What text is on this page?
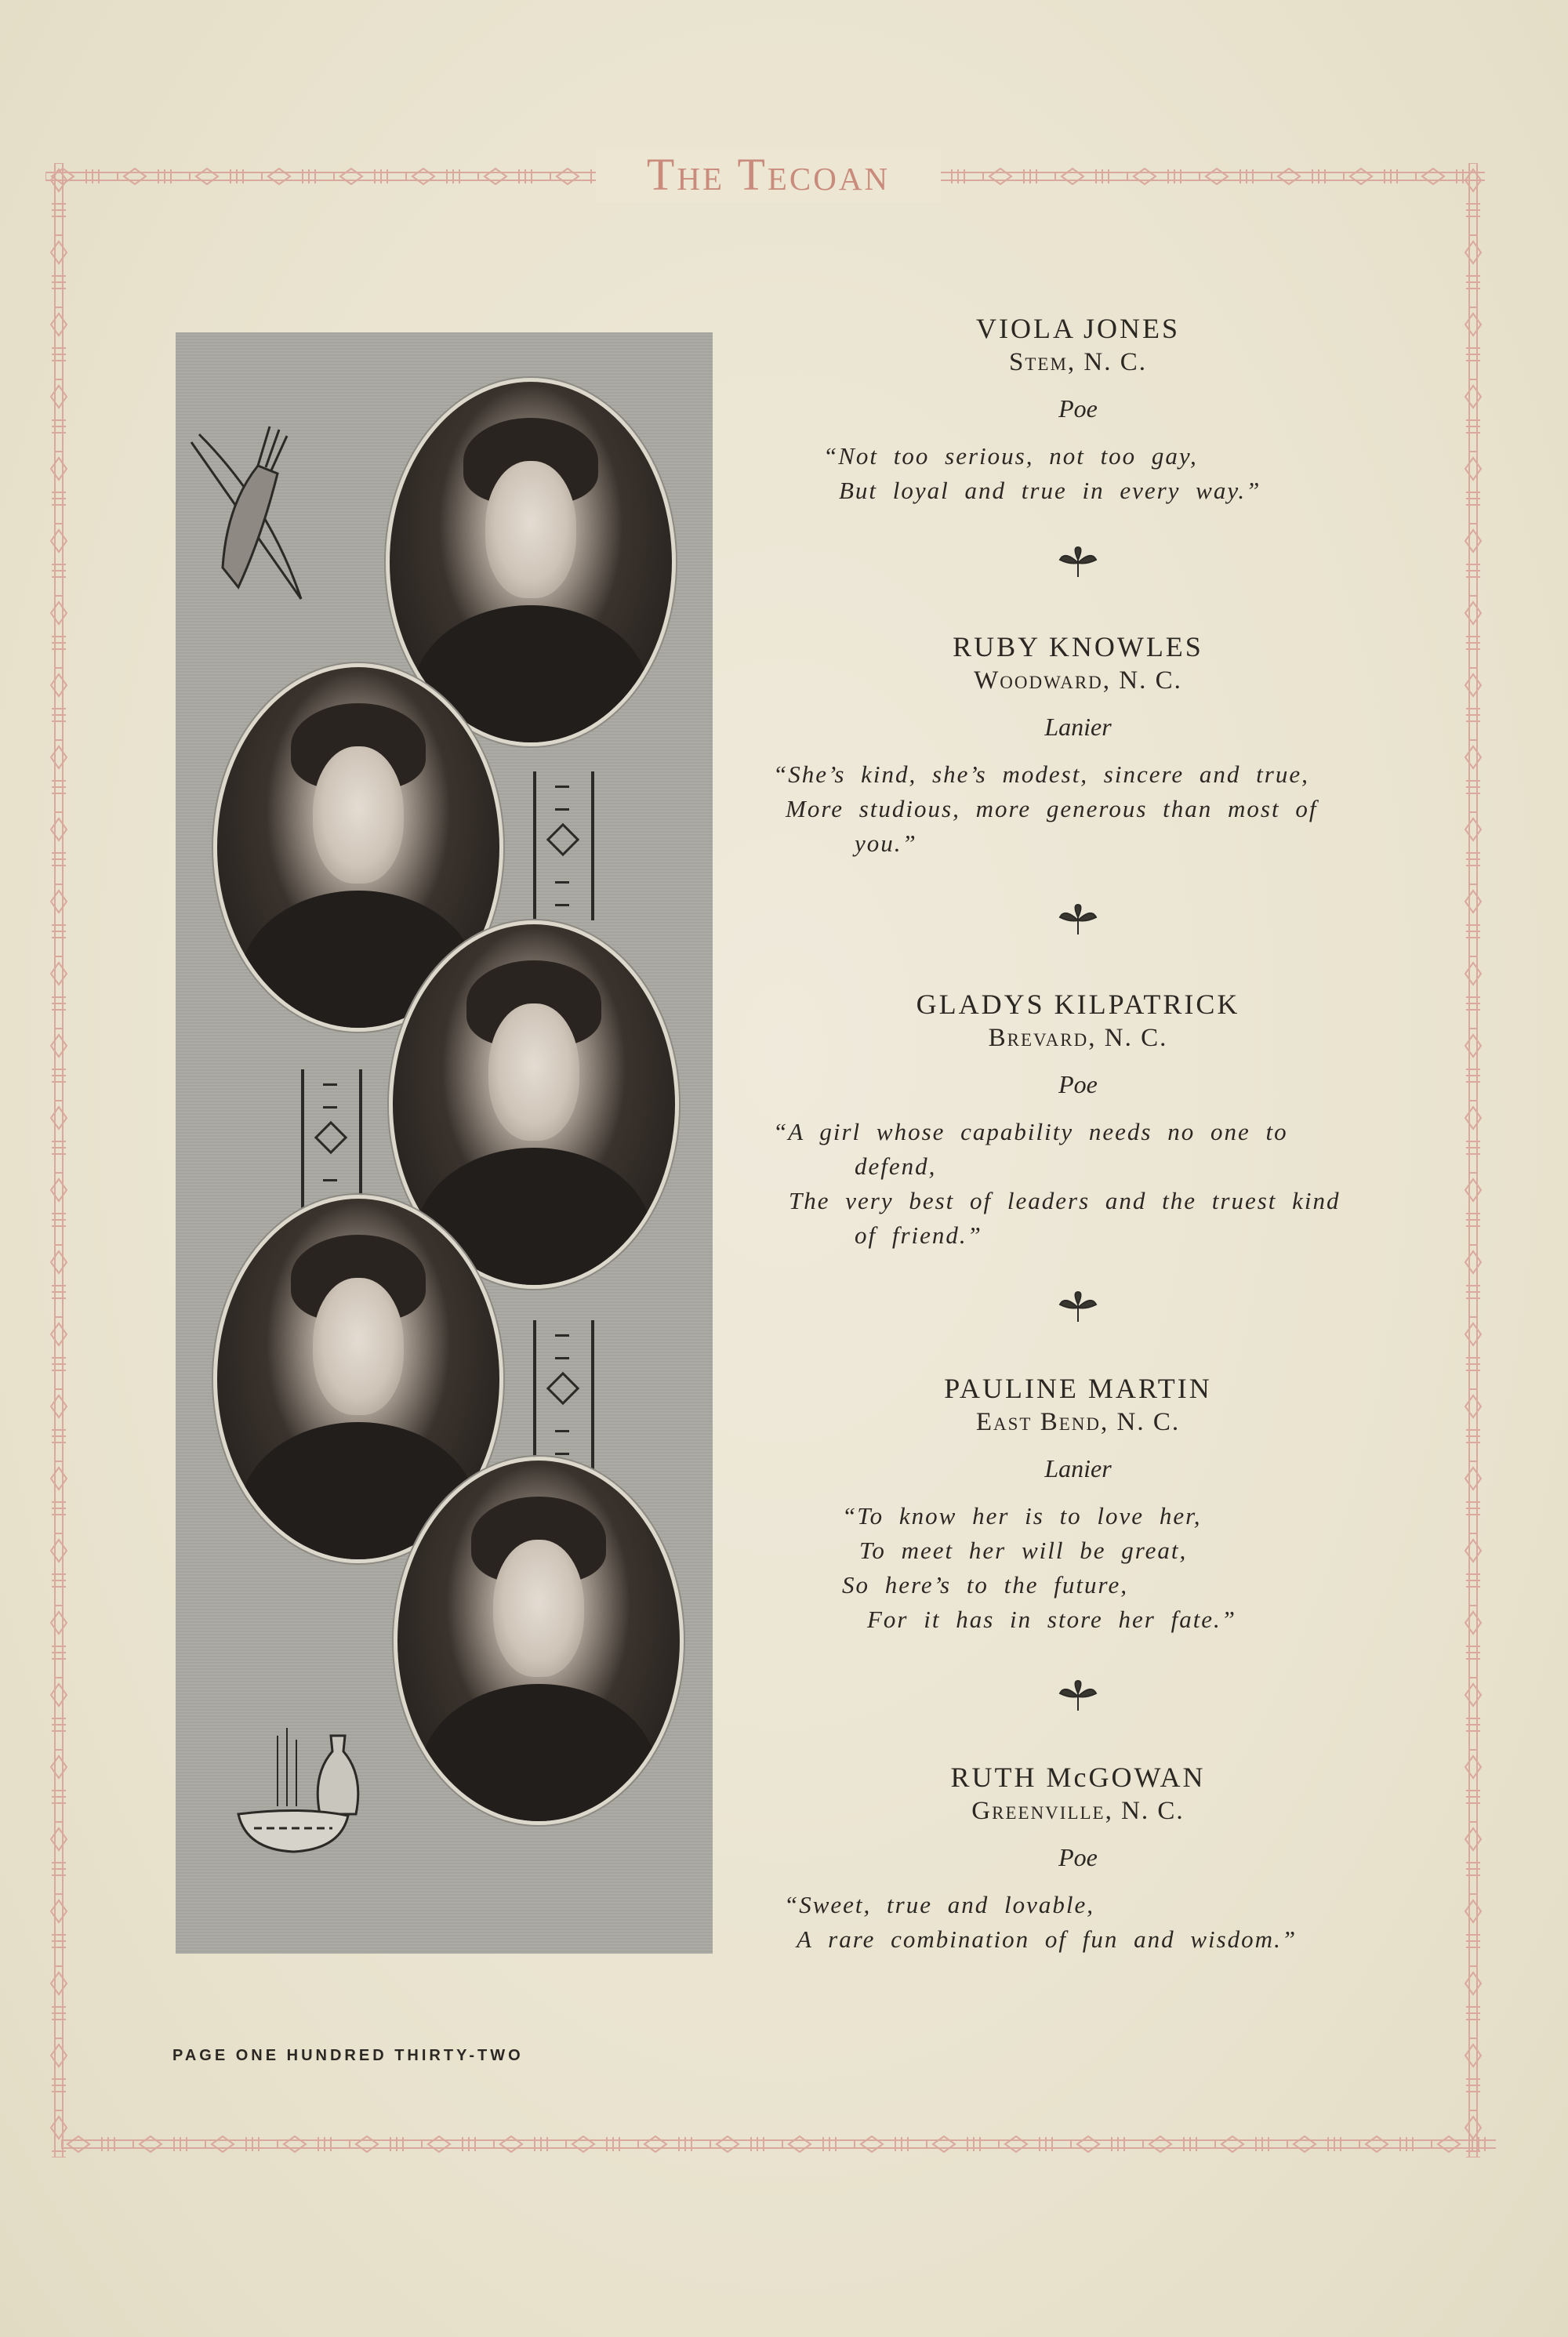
The Tecoan
VIOLA JONES
Stem, N. C.
Poe
“Not too serious, not too gay,
But loyal and true in every way.”
RUBY KNOWLES
Woodward, N. C.
Lanier
“She’s kind, she’s modest, sincere and true,
More studious, more generous than most of
you.”
GLADYS KILPATRICK
Brevard, N. C.
Poe
“A girl whose capability needs no one to
defend,
The very best of leaders and the truest kind
of friend.”
PAULINE MARTIN
East Bend, N. C.
Lanier
“To know her is to love her,
To meet her will be great,
So here’s to the future,
For it has in store her fate.”
RUTH McGOWAN
Greenville, N. C.
Poe
“Sweet, true and lovable,
A rare combination of fun and wisdom.”
PAGE ONE HUNDRED THIRTY-TWO
